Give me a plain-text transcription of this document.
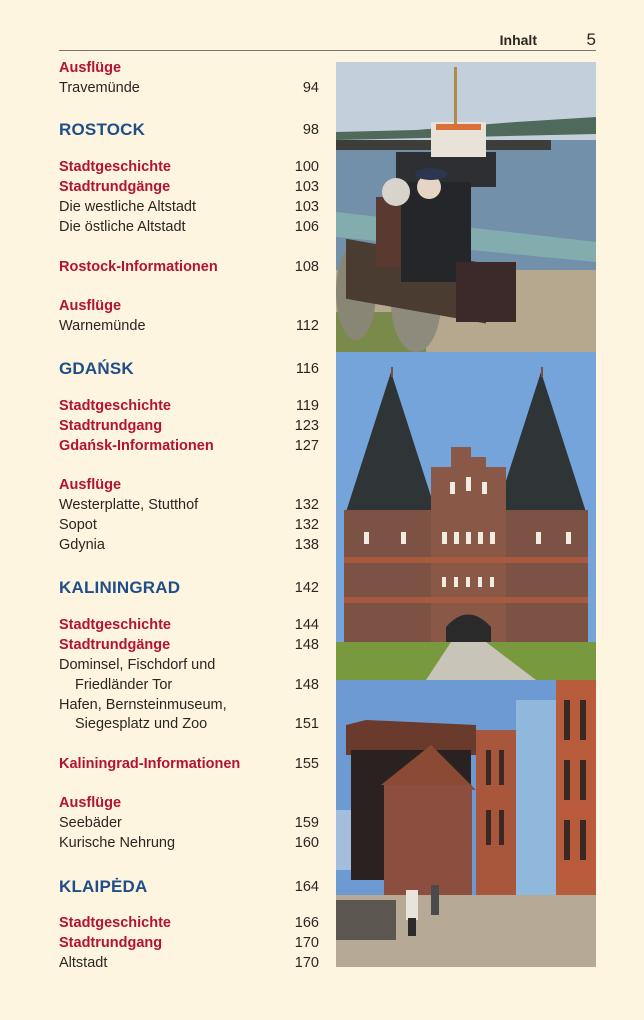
Inhalt	5
Ausflüge
Travemünde	94
ROSTOCK	98
Stadtgeschichte	100
Stadtrundgänge	103
Die westliche Altstadt	103
Die östliche Altstadt	106
Rostock-Informationen	108
Ausflüge
Warnemünde	112
GDAŃSK	116
Stadtgeschichte	119
Stadtrundgang	123
Gdańsk-Informationen	127
Ausflüge
Westerplatte, Stutthof	132
Sopot	132
Gdynia	138
KALININGRAD	142
Stadtgeschichte	144
Stadtrundgänge	148
Dominsel, Fischdorf und
Friedländer Tor	148
Hafen, Bernsteinmuseum,
Siegesplatz und Zoo	151
Kaliningrad-Informationen	155
Ausflüge
Seebäder	159
Kurische Nehrung	160
KLAIPĖDA	164
Stadtgeschichte	166
Stadtrundgang	170
Altstadt	170
